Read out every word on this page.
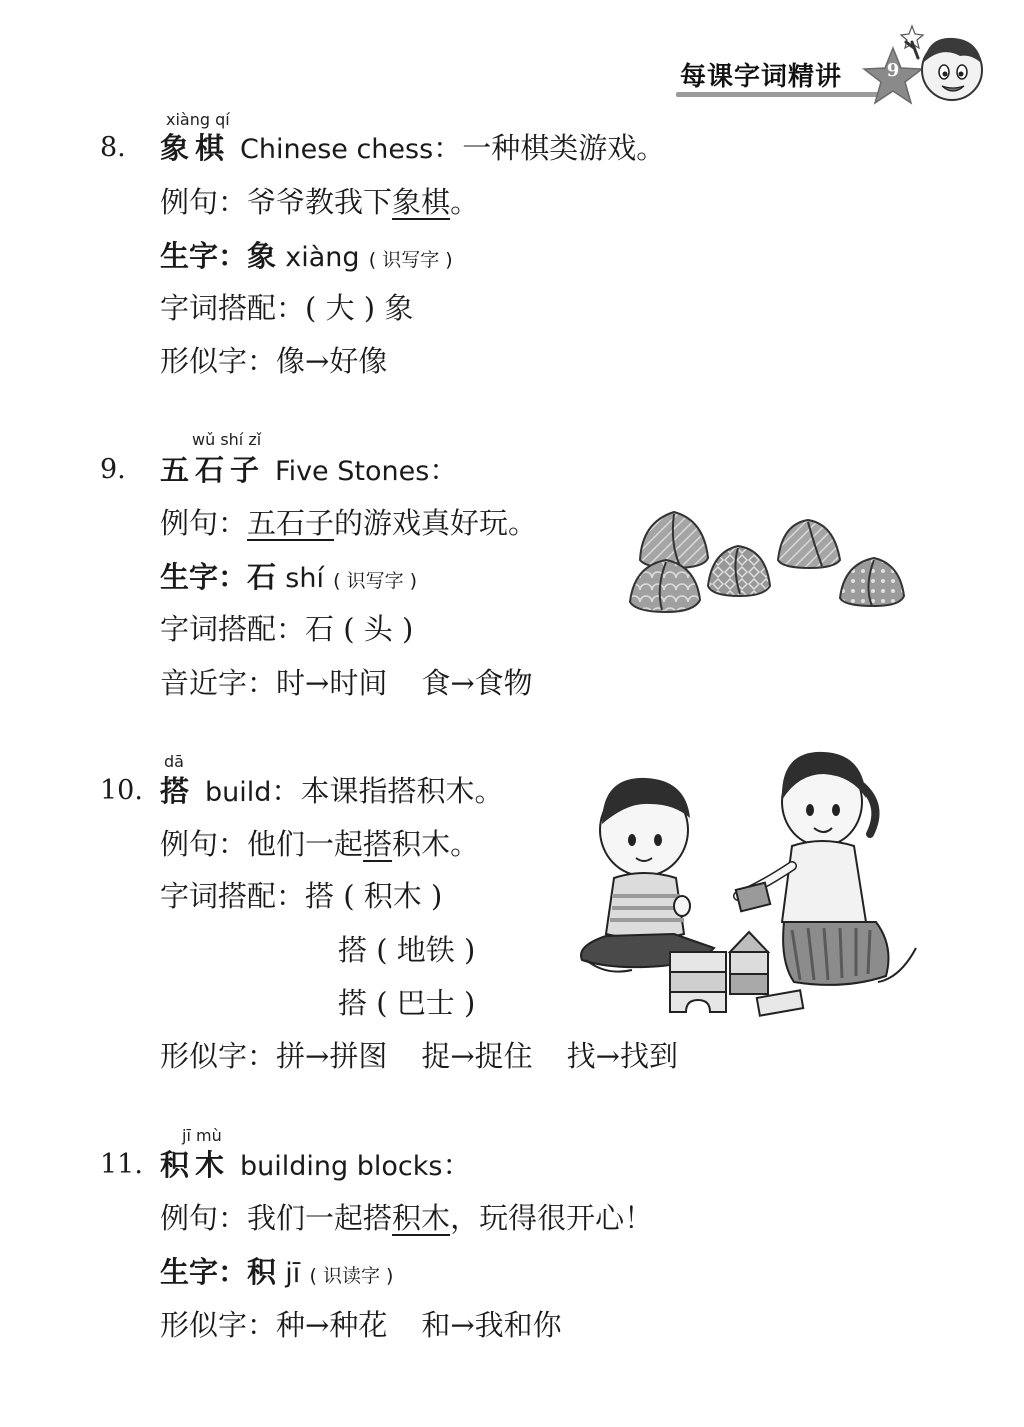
每课字词精讲	9
xiàng qí
8. 象棋 Chinese chess：一种棋类游戏。
例句：爷爷教我下象棋。
生字：象 xiàng ( 识写字 )
字词搭配：( 大 ) 象
形似字：像→好像
wǔ shí zǐ
9. 五石子 Five Stones：
例句：五石子的游戏真好玩。
生字：石 shí ( 识写字 )
字词搭配：石 ( 头 )
音近字：时→时间 食→食物
dā
10. 搭 build：本课指搭积木。
例句：他们一起搭积木。
字词搭配：搭 ( 积木 )
搭 ( 地铁 )
搭 ( 巴士 )
形似字：拼→拼图 捉→捉住 找→找到
jī mù
11. 积木 building blocks：
例句：我们一起搭积木，玩得很开心！
生字：积 jī ( 识读字 )
形似字：种→种花 和→我和你
